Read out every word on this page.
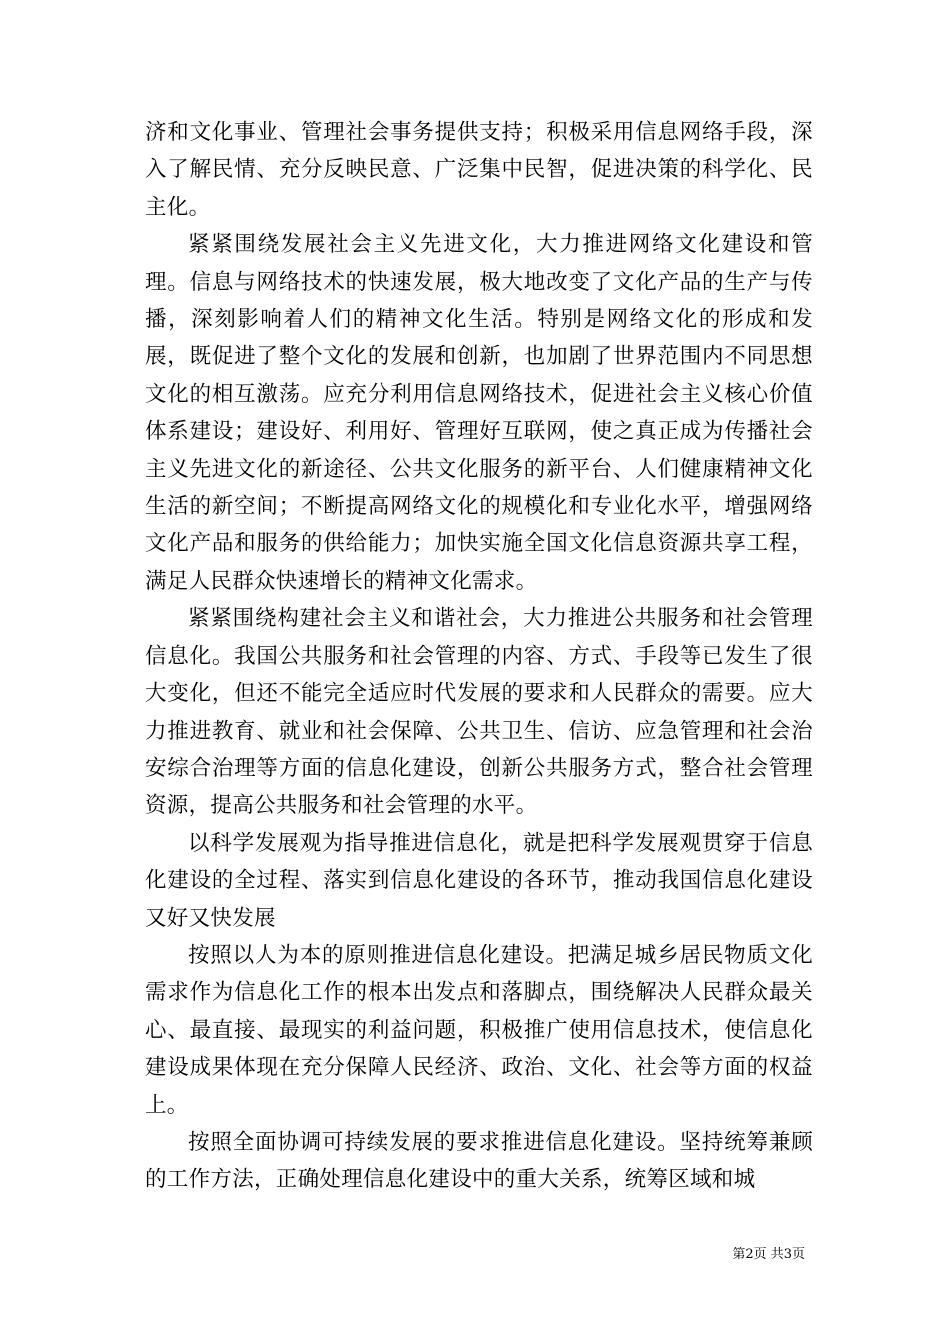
济和文化事业、管理社会事务提供支持；积极采用信息网络手段，深入了解民情、充分反映民意、广泛集中民智，促进决策的科学化、民主化。

紧紧围绕发展社会主义先进文化，大力推进网络文化建设和管理。信息与网络技术的快速发展，极大地改变了文化产品的生产与传播，深刻影响着人们的精神文化生活。特别是网络文化的形成和发展，既促进了整个文化的发展和创新，也加剧了世界范围内不同思想文化的相互激荡。应充分利用信息网络技术，促进社会主义核心价值体系建设；建设好、利用好、管理好互联网，使之真正成为传播社会主义先进文化的新途径、公共文化服务的新平台、人们健康精神文化生活的新空间；不断提高网络文化的规模化和专业化水平，增强网络文化产品和服务的供给能力；加快实施全国文化信息资源共享工程，满足人民群众快速增长的精神文化需求。

紧紧围绕构建社会主义和谐社会，大力推进公共服务和社会管理信息化。我国公共服务和社会管理的内容、方式、手段等已发生了很大变化，但还不能完全适应时代发展的要求和人民群众的需要。应大力推进教育、就业和社会保障、公共卫生、信访、应急管理和社会治安综合治理等方面的信息化建设，创新公共服务方式，整合社会管理资源，提高公共服务和社会管理的水平。

以科学发展观为指导推进信息化，就是把科学发展观贯穿于信息化建设的全过程、落实到信息化建设的各环节，推动我国信息化建设又好又快发展

按照以人为本的原则推进信息化建设。把满足城乡居民物质文化需求作为信息化工作的根本出发点和落脚点，围绕解决人民群众最关心、最直接、最现实的利益问题，积极推广使用信息技术，使信息化建设成果体现在充分保障人民经济、政治、文化、社会等方面的权益上。

按照全面协调可持续发展的要求推进信息化建设。坚持统筹兼顾的工作方法，正确处理信息化建设中的重大关系，统筹区域和城

第2页 共3页
